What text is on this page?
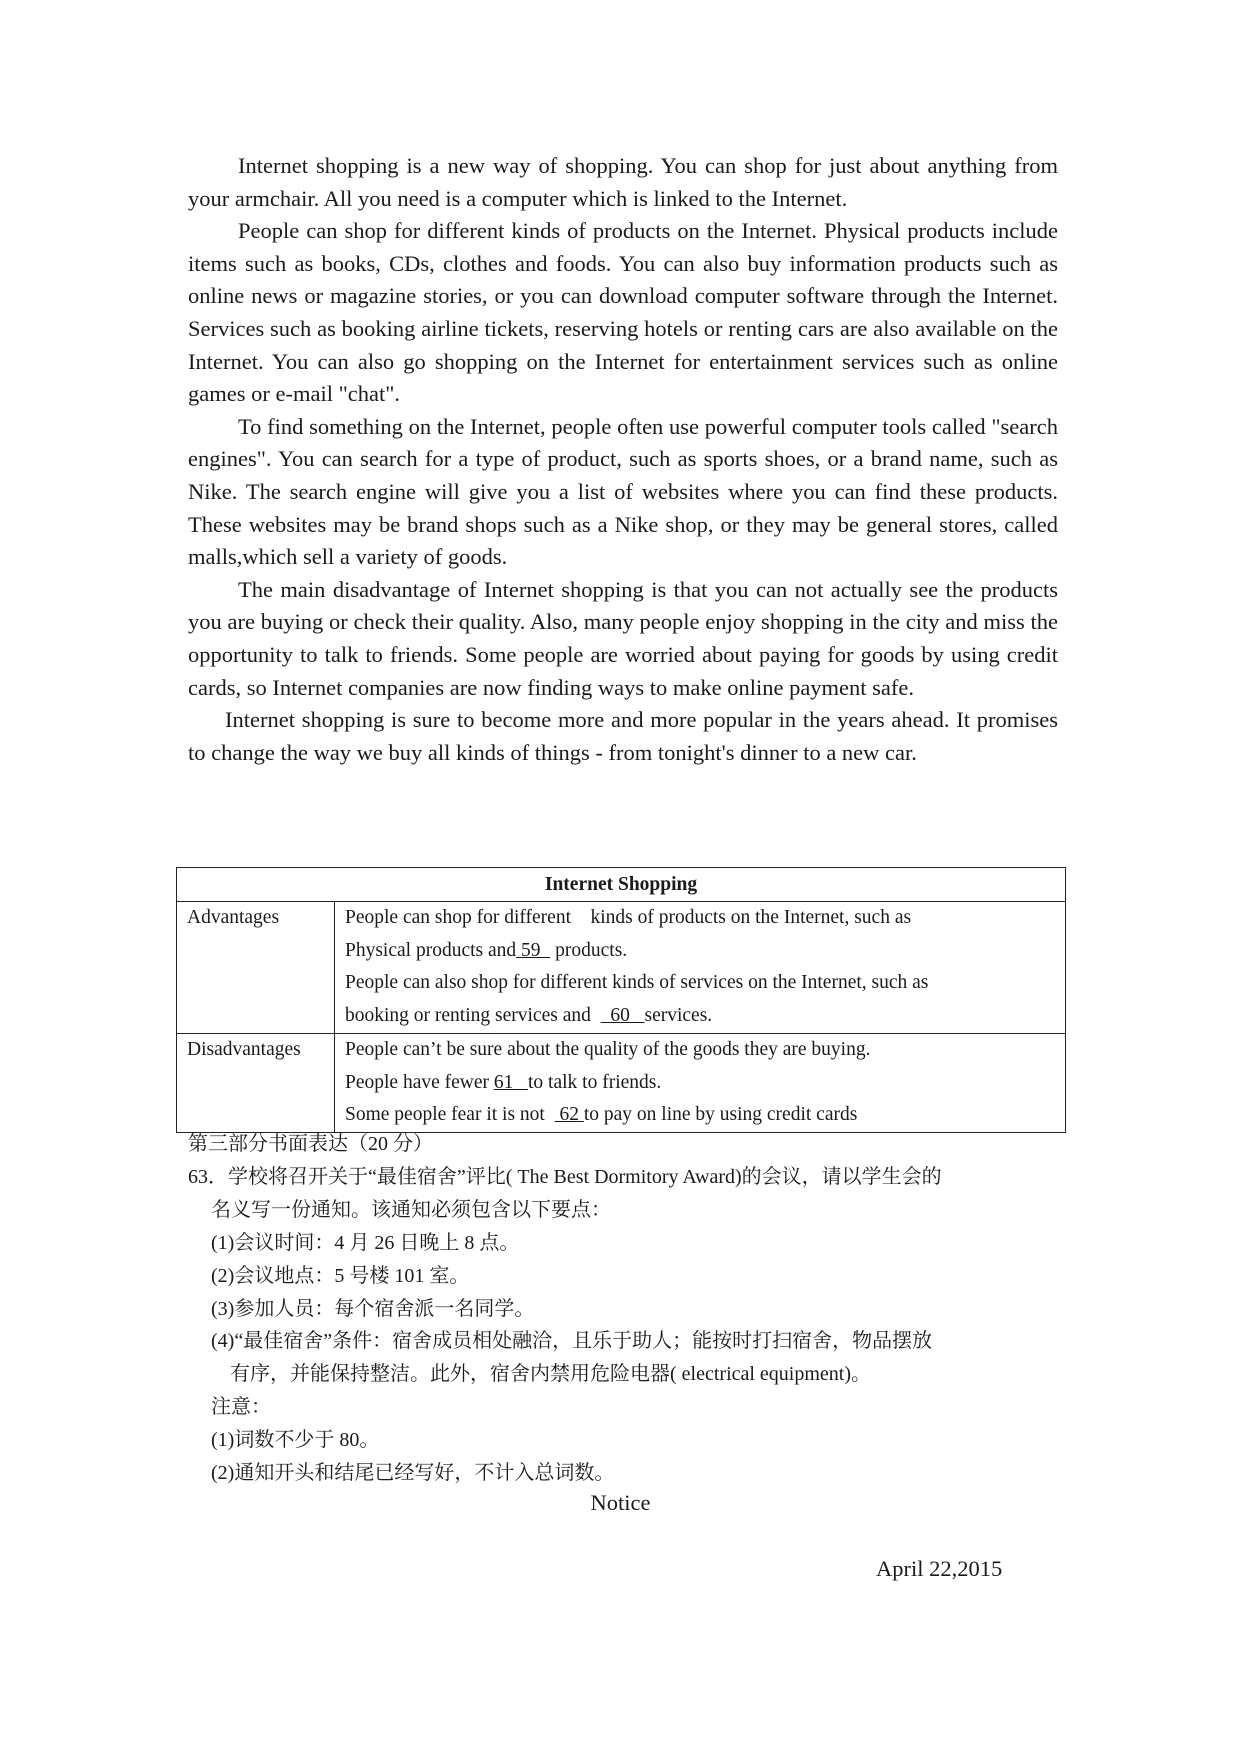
Internet shopping is a new way of shopping. You can shop for just about anything from your armchair. All you need is a computer which is linked to the Internet.

People can shop for different kinds of products on the Internet. Physical products include items such as books, CDs, clothes and foods. You can also buy information products such as online news or magazine stories, or you can download computer software through the Internet. Services such as booking airline tickets, reserving hotels or renting cars are also available on the Internet. You can also go shopping on the Internet for entertainment services such as online games or e-mail "chat".

To find something on the Internet, people often use powerful computer tools called "search engines". You can search for a type of product, such as sports shoes, or a brand name, such as Nike. The search engine will give you a list of websites where you can find these products. These websites may be brand shops such as a Nike shop, or they may be general stores, called malls,which sell a variety of goods.

The main disadvantage of Internet shopping is that you can not actually see the products you are buying or check their quality. Also, many people enjoy shopping in the city and miss the opportunity to talk to friends. Some people are worried about paying for goods by using credit cards, so Internet companies are now finding ways to make online payment safe.

Internet shopping is sure to become more and more popular in the years ahead. It promises to change the way we buy all kinds of things - from tonight's dinner to a new car.

Internet Shopping	
Advantages	People can shop for different    kinds of products on the Internet, such as
Physical products and 59   products.
People can also shop for different kinds of services on the Internet, such as
booking or renting services and    60   services.

Disadvantages	People can’t be sure about the quality of the goods they are buying.
People have fewer 61   to talk to friends.
Some people fear it is not   62 to pay on line by using credit cards
第三部分书面表达（20 分）
63．学校将召开关于“最佳宿舍”评比( The Best Dormitory Award)的会议，请以学生会的
名义写一份通知。该通知必须包含以下要点：
(1)会议时间：4 月 26 日晚上 8 点。
(2)会议地点：5 号楼 101 室。
(3)参加人员：每个宿舍派一名同学。
(4)“最佳宿舍”条件：宿舍成员相处融洽，且乐于助人；能按时打扫宿舍，物品摆放
有序，并能保持整洁。此外，宿舍内禁用危险电器( electrical equipment)。
注意：
(1)词数不少于 80。
(2)通知开头和结尾已经写好，不计入总词数。
Notice
April 22,2015
